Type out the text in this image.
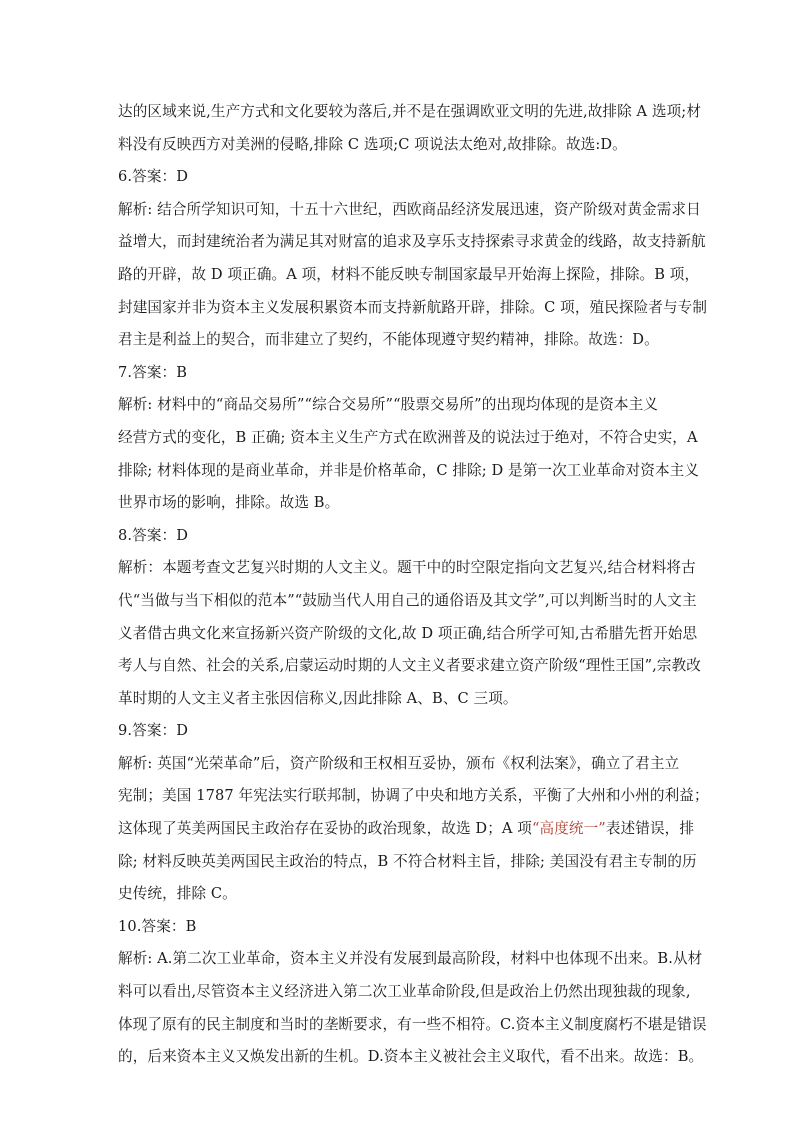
达的区域来说,生产方式和文化要较为落后,并不是在强调欧亚文明的先进,故排除 A 选项;材
料没有反映西方对美洲的侵略,排除 C 选项;C 项说法太绝对,故排除。故选:D。
6.答案：D
解析: 结合所学知识可知，十五十六世纪，西欧商品经济发展迅速，资产阶级对黄金需求日
益增大，而封建统治者为满足其对财富的追求及享乐支持探索寻求黄金的线路，故支持新航
路的开辟，故 D 项正确。A 项，材料不能反映专制国家最早开始海上探险，排除。B 项，
封建国家并非为资本主义发展积累资本而支持新航路开辟，排除。C 项，殖民探险者与专制
君主是利益上的契合，而非建立了契约，不能体现遵守契约精神，排除。故选：D。
7.答案：B
解析: 材料中的“商品交易所”“综合交易所”“股票交易所”的出现均体现的是资本主义
经营方式的变化，B 正确; 资本主义生产方式在欧洲普及的说法过于绝对，不符合史实，A
排除; 材料体现的是商业革命，并非是价格革命，C 排除; D 是第一次工业革命对资本主义
世界市场的影响，排除。故选 B。
8.答案：D
解析：本题考查文艺复兴时期的人文主义。题干中的时空限定指向文艺复兴,结合材料将古
代“当做与当下相似的范本”“鼓励当代人用自己的通俗语及其文学”,可以判断当时的人文主
义者借古典文化来宣扬新兴资产阶级的文化,故 D 项正确,结合所学可知,古希腊先哲开始思
考人与自然、社会的关系,启蒙运动时期的人文主义者要求建立资产阶级“理性王国”,宗教改
革时期的人文主义者主张因信称义,因此排除 A、B、C 三项。
9.答案：D
解析: 英国“光荣革命”后，资产阶级和王权相互妥协，颁布《权利法案》，确立了君主立
宪制；美国 1787 年宪法实行联邦制，协调了中央和地方关系，平衡了大州和小州的利益；
这体现了英美两国民主政治存在妥协的政治现象，故选 D；A 项“高度统一”表述错误，排
除; 材料反映英美两国民主政治的特点，B 不符合材料主旨，排除; 美国没有君主专制的历
史传统，排除 C。
10.答案：B
解析: A.第二次工业革命，资本主义并没有发展到最高阶段，材料中也体现不出来。B.从材
料可以看出,尽管资本主义经济进入第二次工业革命阶段,但是政治上仍然出现独裁的现象,
体现了原有的民主制度和当时的垄断要求，有一些不相符。C.资本主义制度腐朽不堪是错误
的，后来资本主义又焕发出新的生机。D.资本主义被社会主义取代，看不出来。故选：B。
